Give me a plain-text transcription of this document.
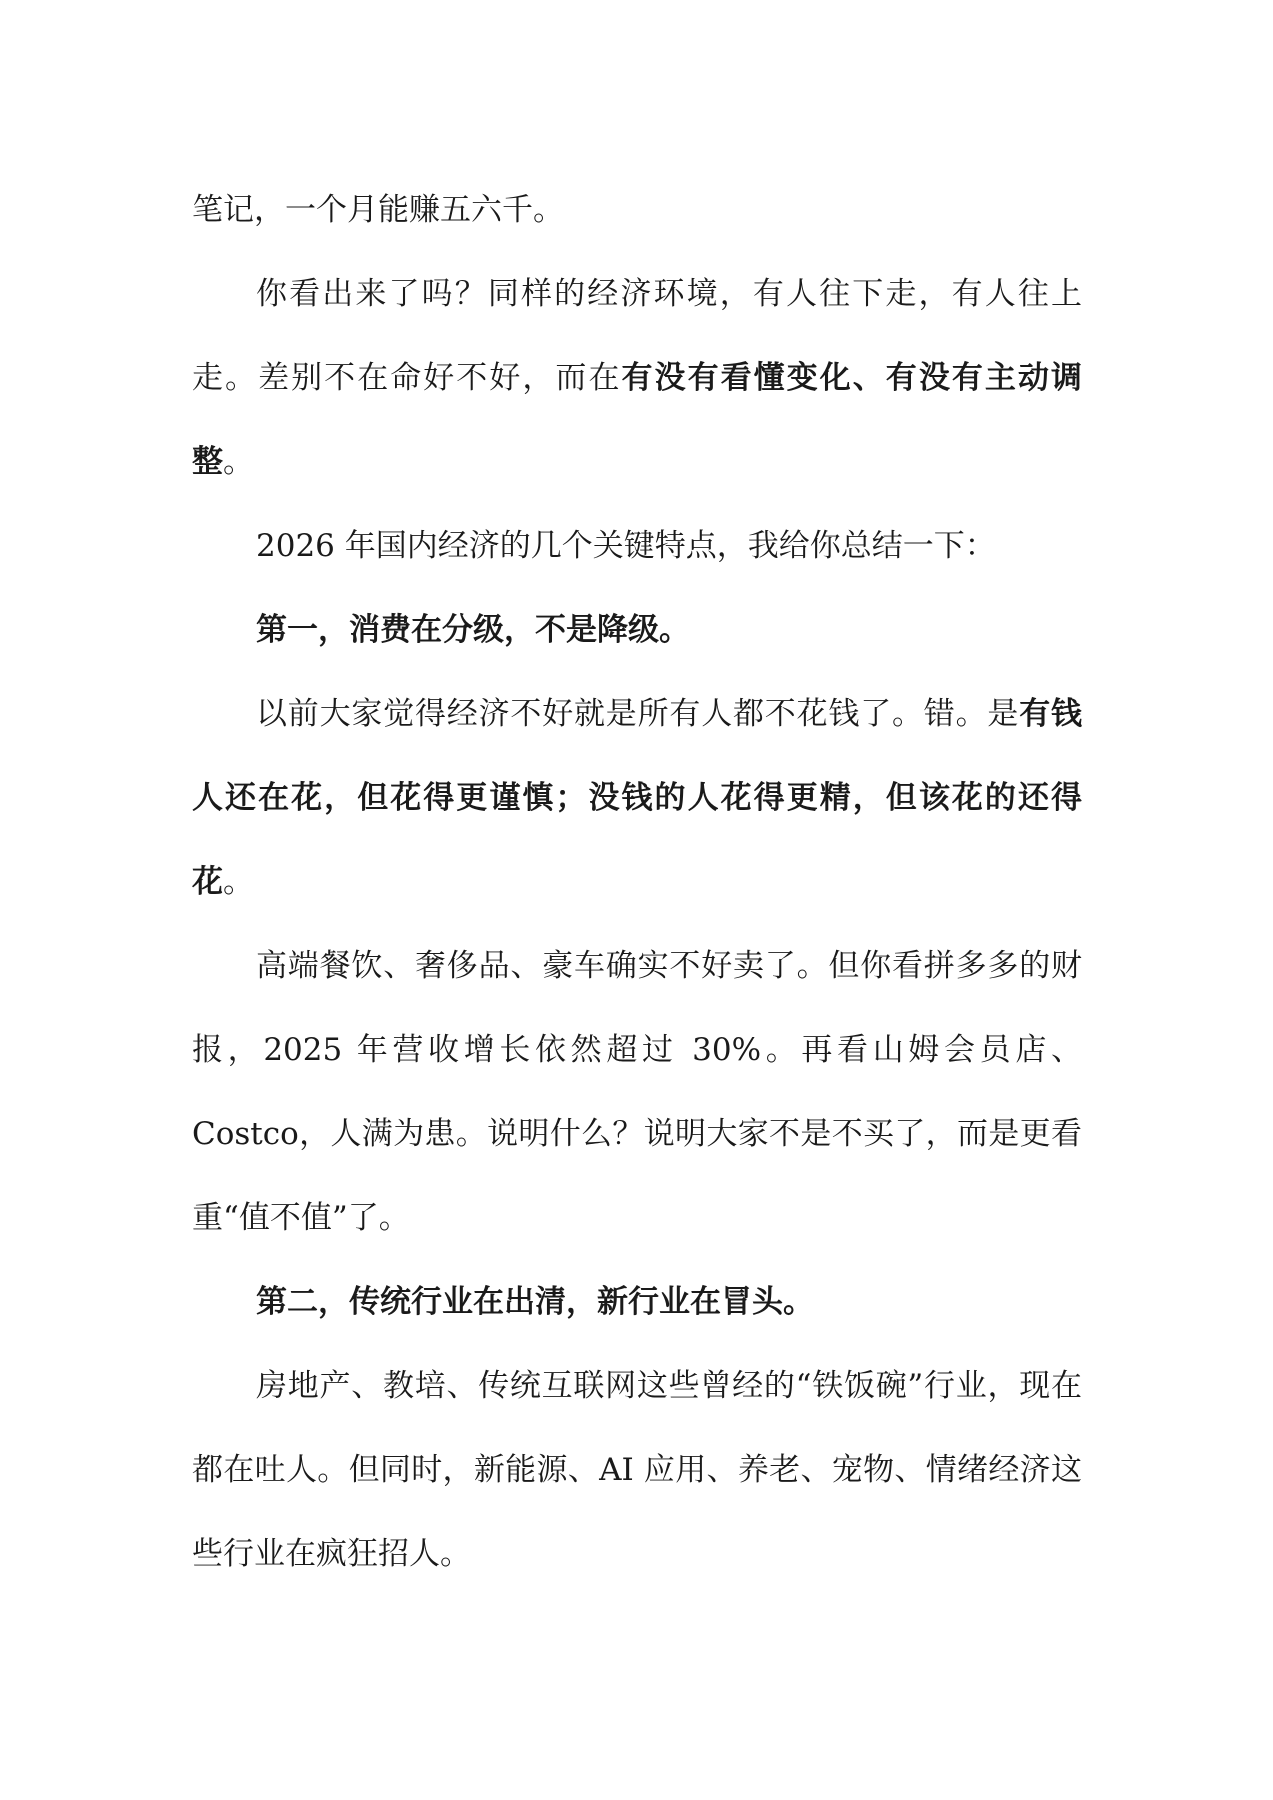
笔记，一个月能赚五六千。

你看出来了吗？同样的经济环境，有人往下走，有人往上走。差别不在命好不好，而在有没有看懂变化、有没有主动调整。

2026 年国内经济的几个关键特点，我给你总结一下：

第一，消费在分级，不是降级。

以前大家觉得经济不好就是所有人都不花钱了。错。是有钱人还在花，但花得更谨慎；没钱的人花得更精，但该花的还得花。

高端餐饮、奢侈品、豪车确实不好卖了。但你看拼多多的财报，2025 年营收增长依然超过 30%。再看山姆会员店、Costco，人满为患。说明什么？说明大家不是不买了，而是更看重“值不值”了。

第二，传统行业在出清，新行业在冒头。

房地产、教培、传统互联网这些曾经的“铁饭碗”行业，现在都在吐人。但同时，新能源、AI 应用、养老、宠物、情绪经济这些行业在疯狂招人。
